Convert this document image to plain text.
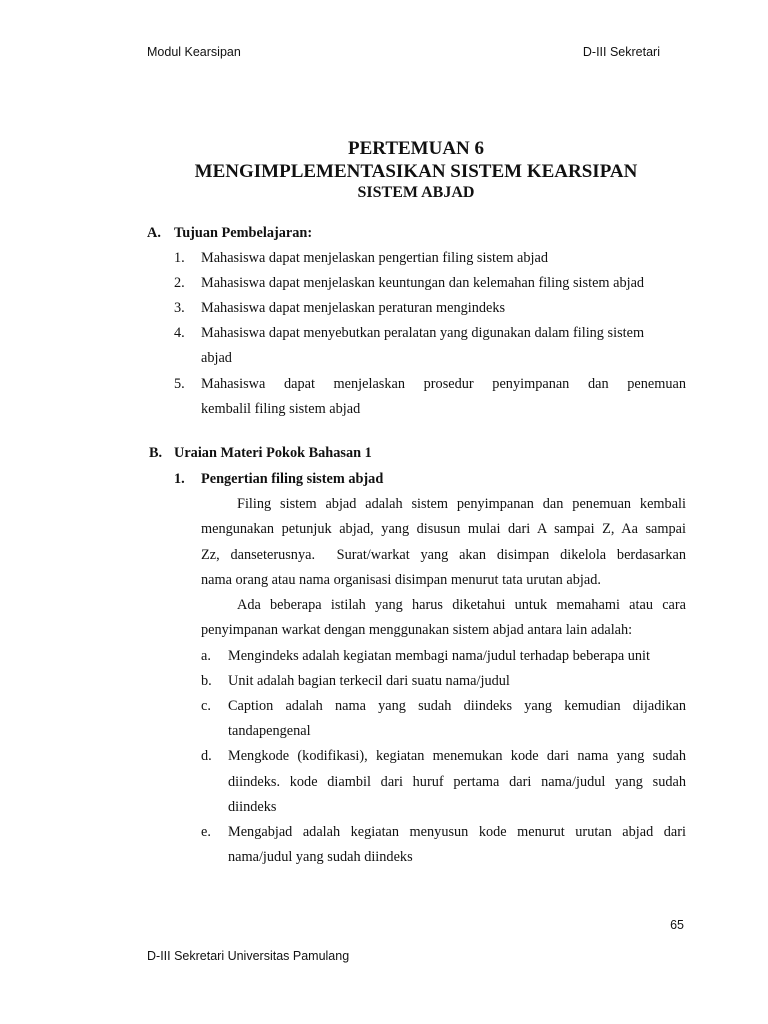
Modul Kearsipan	D-III Sekretari
PERTEMUAN 6
MENGIMPLEMENTASIKAN SISTEM KEARSIPAN
SISTEM ABJAD
A. Tujuan Pembelajaran:
1. Mahasiswa dapat menjelaskan pengertian filing sistem abjad
2. Mahasiswa dapat menjelaskan keuntungan dan kelemahan filing sistem abjad
3. Mahasiswa dapat menjelaskan peraturan mengindeks
4. Mahasiswa dapat menyebutkan peralatan yang digunakan dalam filing sistem
abjad
5. Mahasiswa dapat menjelaskan prosedur penyimpanan dan penemuan
kembalil filing sistem abjad
B. Uraian Materi Pokok Bahasan 1
1. Pengertian filing sistem abjad
Filing sistem abjad adalah sistem penyimpanan dan penemuan kembali
mengunakan petunjuk abjad, yang disusun mulai dari A sampai Z, Aa sampai
Zz, danseterusnya.  Surat/warkat yang akan disimpan dikelola berdasarkan
nama orang atau nama organisasi disimpan menurut tata urutan abjad.
Ada beberapa istilah yang harus diketahui untuk memahami atau cara
penyimpanan warkat dengan menggunakan sistem abjad antara lain adalah:
a. Mengindeks adalah kegiatan membagi nama/judul terhadap beberapa unit
b. Unit adalah bagian terkecil dari suatu nama/judul
c. Caption adalah nama yang sudah diindeks yang kemudian dijadikan
tandapengenal
d. Mengkode (kodifikasi), kegiatan menemukan kode dari nama yang sudah
diindeks. kode diambil dari huruf pertama dari nama/judul yang sudah
diindeks
e. Mengabjad adalah kegiatan menyusun kode menurut urutan abjad dari
nama/judul yang sudah diindeks
65
D-III Sekretari Universitas Pamulang
